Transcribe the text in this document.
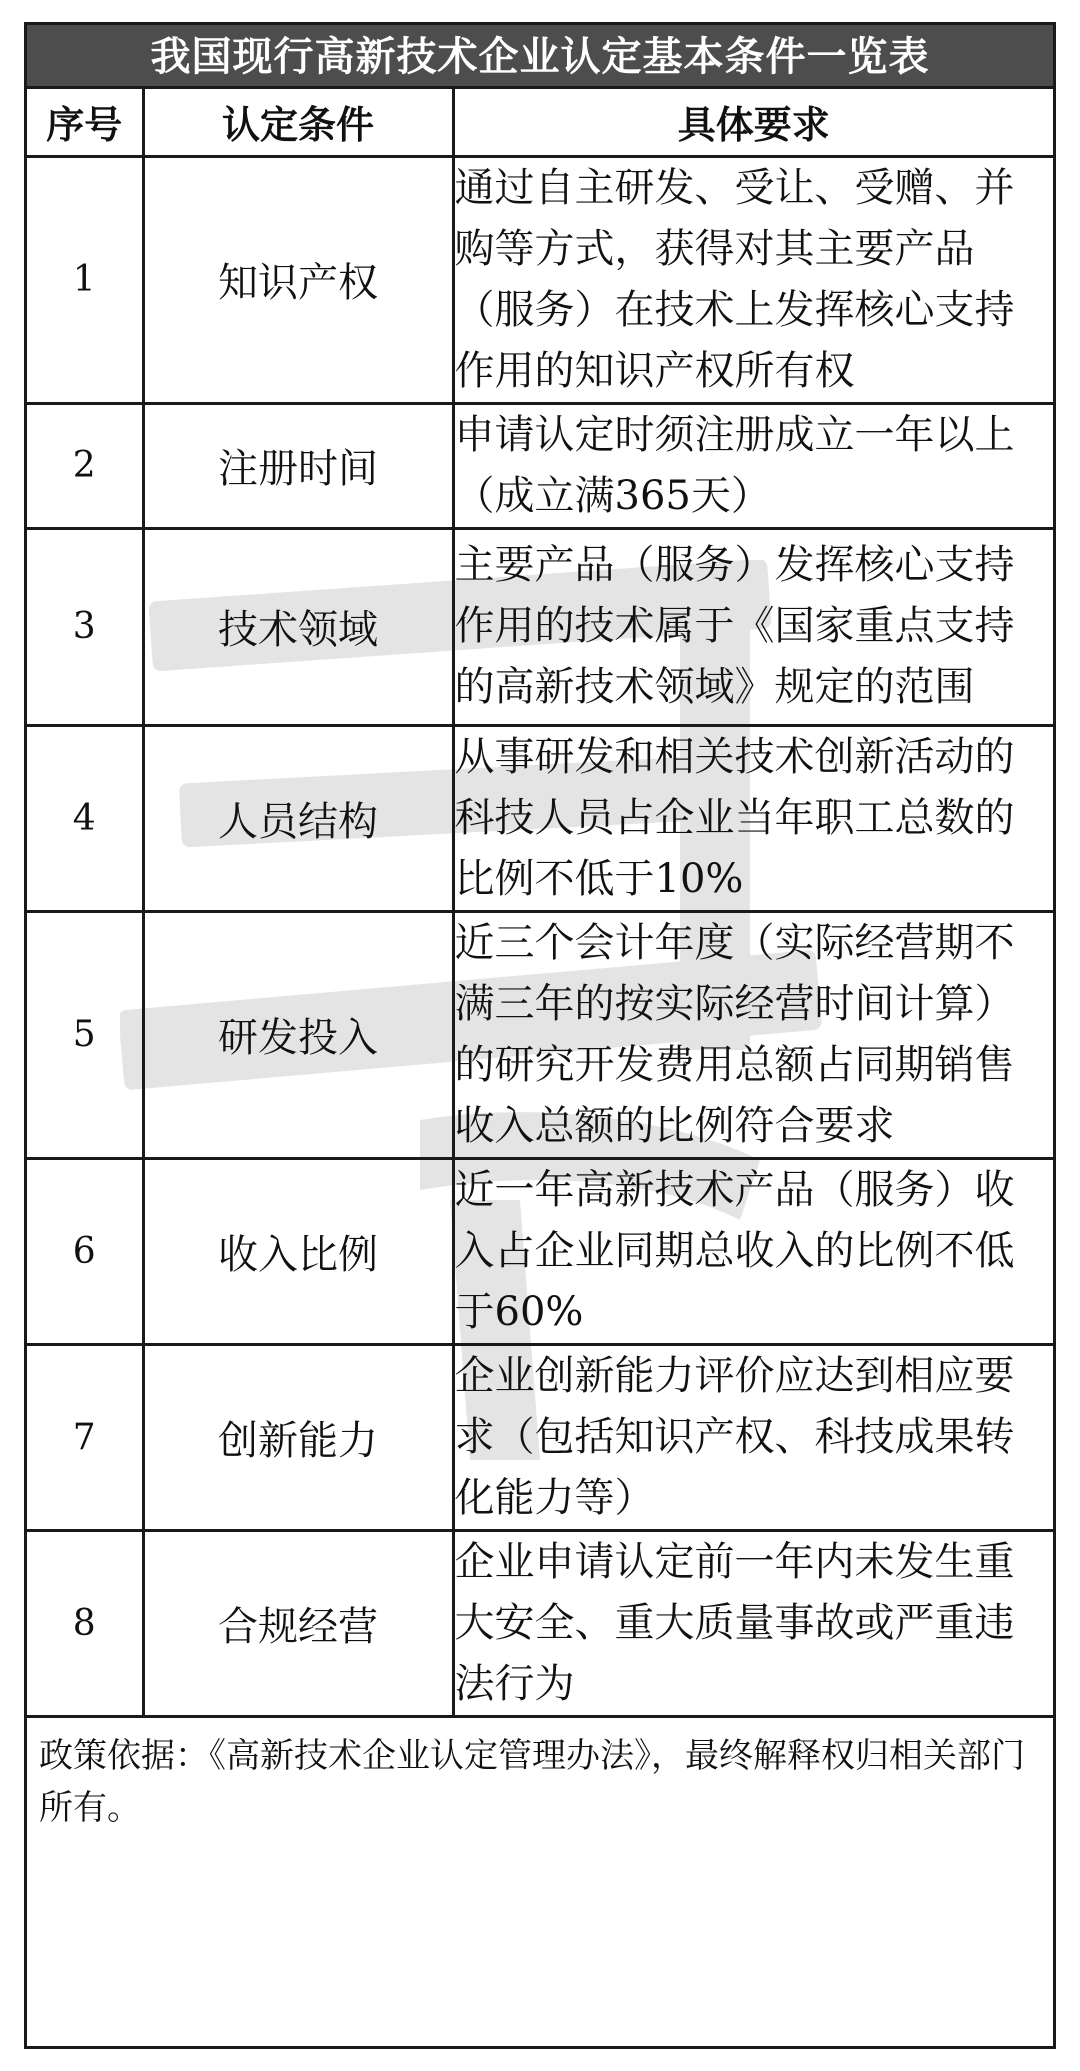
我国现行高新技术企业认定基本条件一览表
序号	认定条件	具体要求
1	知识产权	通过自主研发、受让、受赠、并购等方式，获得对其主要产品（服务）在技术上发挥核心支持作用的知识产权所有权
2	注册时间	申请认定时须注册成立一年以上（成立满365天）
3	技术领域	主要产品（服务）发挥核心支持作用的技术属于《国家重点支持的高新技术领域》规定的范围
4	人员结构	从事研发和相关技术创新活动的科技人员占企业当年职工总数的比例不低于10%
5	研发投入	近三个会计年度（实际经营期不满三年的按实际经营时间计算）的研究开发费用总额占同期销售收入总额的比例符合要求
6	收入比例	近一年高新技术产品（服务）收入占企业同期总收入的比例不低于60%
7	创新能力	企业创新能力评价应达到相应要求（包括知识产权、科技成果转化能力等）
8	合规经营	企业申请认定前一年内未发生重大安全、重大质量事故或严重违法行为
政策依据：《高新技术企业认定管理办法》，最终解释权归相关部门所有。		
